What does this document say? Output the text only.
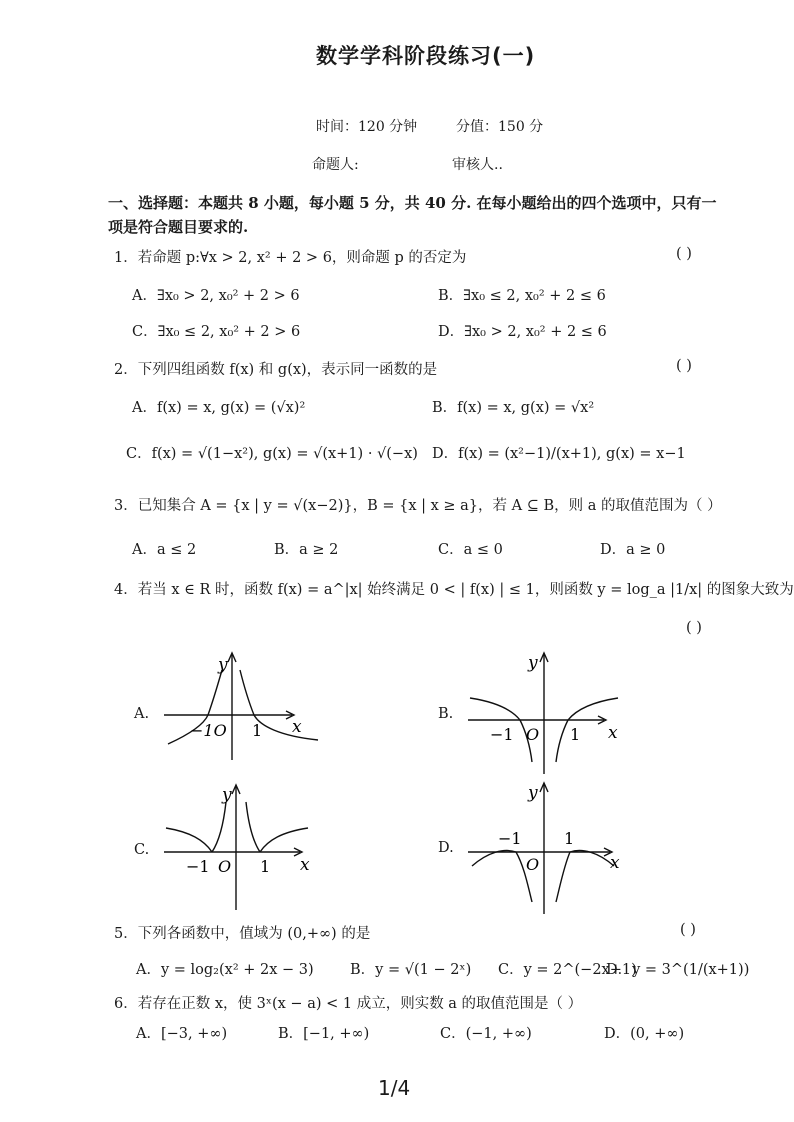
数学学科阶段练习(一)
时间：120 分钟	分值：150 分
命题人:	审核人..
一、选择题：本题共 8 小题，每小题 5 分，共 40 分. 在每小题给出的四个选项中，只有一
项是符合题目要求的.
1．若命题 p:∀x > 2, x² + 2 > 6，则命题 p 的否定为	( )
A．∃x₀ > 2, x₀² + 2 > 6	B．∃x₀ ≤ 2, x₀² + 2 ≤ 6
C．∃x₀ ≤ 2, x₀² + 2 > 6	D．∃x₀ > 2, x₀² + 2 ≤ 6
2．下列四组函数 f(x) 和 g(x)，表示同一函数的是	( )
A．f(x) = x, g(x) = (√x)²	B．f(x) = x, g(x) = √x²
C．f(x) = √(1−x²), g(x) = √(x+1) · √(−x) D．f(x) = (x²−1)/(x+1), g(x) = x−1
3．已知集合 A = {x | y = √(x−2)}，B = {x | x ≥ a}，若 A ⊆ B，则 a 的取值范围为（ ）
A．a ≤ 2	B．a ≥ 2	C．a ≤ 0	D．a ≥ 0
4．若当 x ∈ R 时，函数 f(x) = a^|x| 始终满足 0 < | f(x) | ≤ 1，则函数 y = log_a |1/x| 的图象大致为
( )
A.	B.
C.	D.
y
−1O 1 x
y
−1 O 1 x
y
−1 O 1 x
y
−1
O
1
x
5．下列各函数中，值域为 (0,+∞) 的是	( )
A．y = log₂(x² + 2x − 3)	B．y = √(1 − 2ˣ) C．y = 2^(−2x+1)
D．y = 3^(1/(x+1))
6．若存在正数 x，使 3ˣ(x − a) < 1 成立，则实数 a 的取值范围是（ ）
A．[−3, +∞)	B．[−1, +∞)	C．(−1, +∞)	D．(0, +∞)
1/4
